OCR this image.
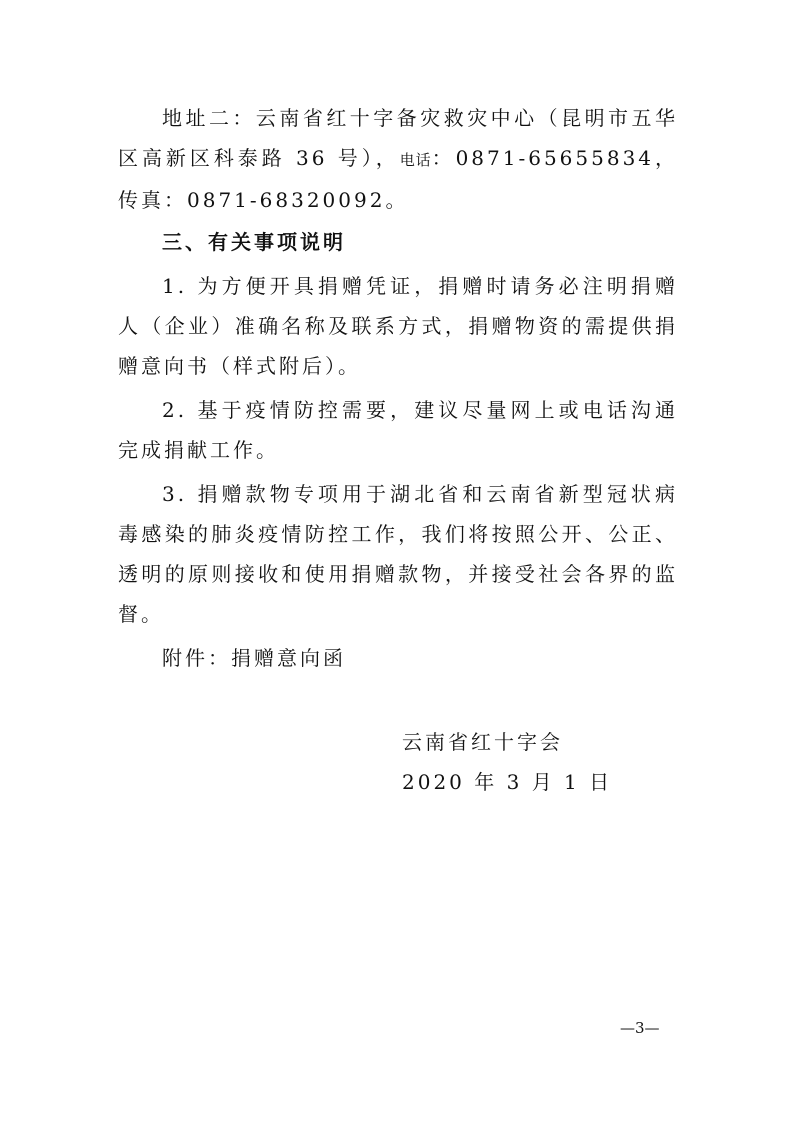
地址二：云南省红十字备灾救灾中心（昆明市五华区高新区科泰路 36 号），电话：0871-65655834，传真：0871-68320092。

三、有关事项说明

1. 为方便开具捐赠凭证，捐赠时请务必注明捐赠人（企业）准确名称及联系方式，捐赠物资的需提供捐赠意向书（样式附后）。

2. 基于疫情防控需要，建议尽量网上或电话沟通完成捐献工作。

3. 捐赠款物专项用于湖北省和云南省新型冠状病毒感染的肺炎疫情防控工作，我们将按照公开、公正、透明的原则接收和使用捐赠款物，并接受社会各界的监督。

附件：捐赠意向函

云南省红十字会

2020 年 3 月 1 日

—3—
